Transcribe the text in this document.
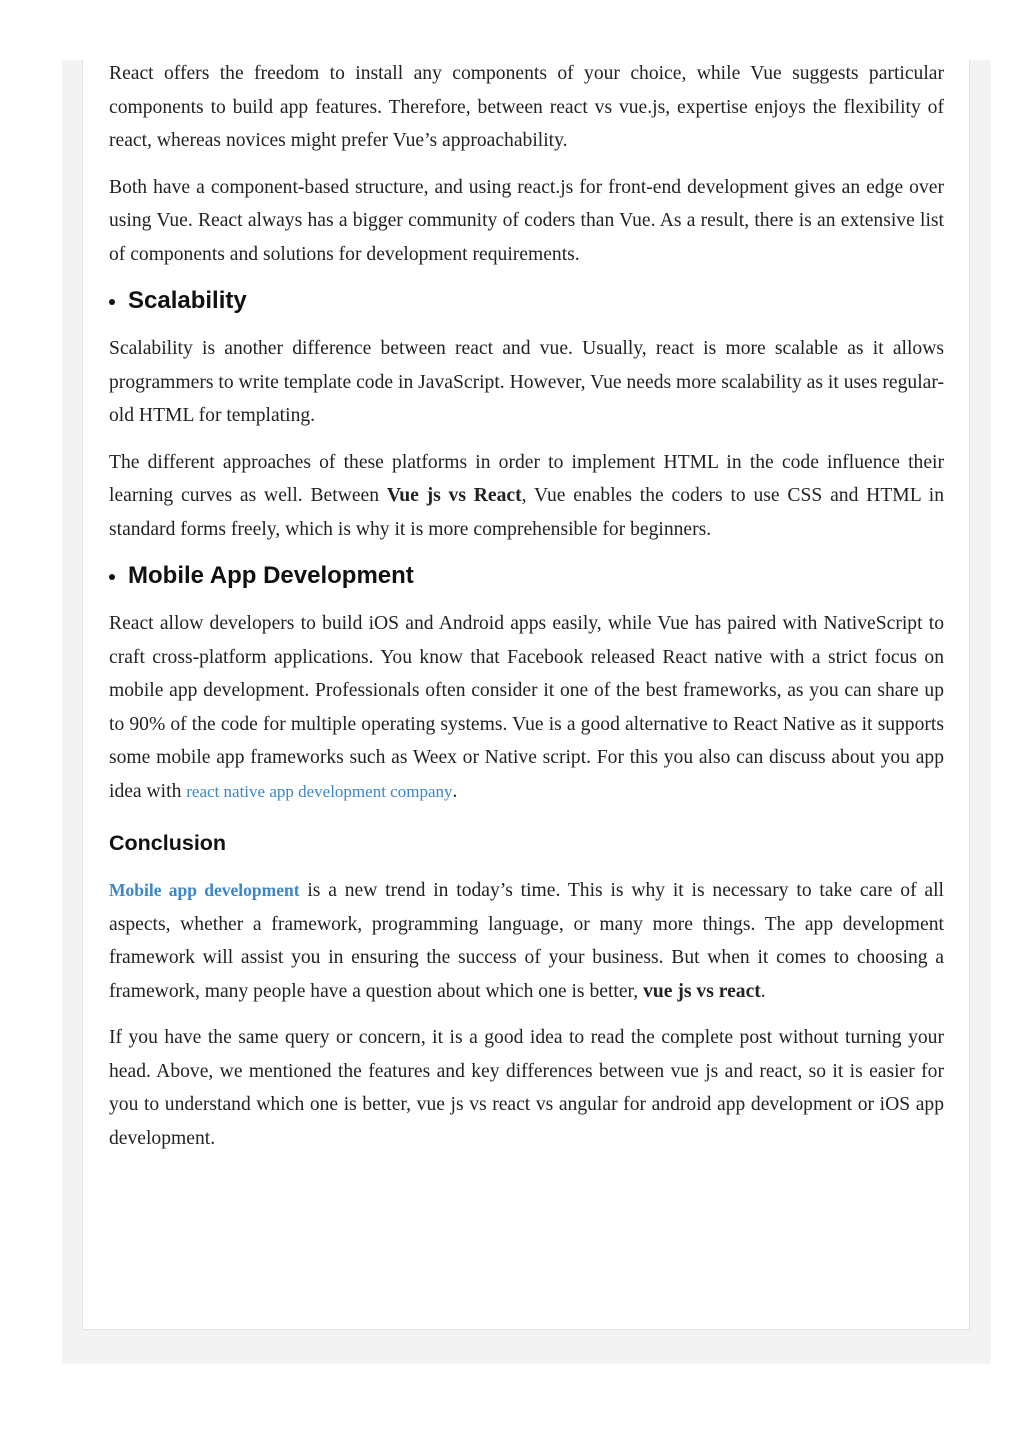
React offers the freedom to install any components of your choice, while Vue suggests particular components to build app features. Therefore, between react vs vue.js, expertise enjoys the flexibility of react, whereas novices might prefer Vue’s approachability.

Both have a component-based structure, and using react.js for front-end development gives an edge over using Vue. React always has a bigger community of coders than Vue. As a result, there is an extensive list of components and solutions for development requirements.

Scalability

Scalability is another difference between react and vue. Usually, react is more scalable as it allows programmers to write template code in JavaScript. However, Vue needs more scalability as it uses regular-old HTML for templating.

The different approaches of these platforms in order to implement HTML in the code influence their learning curves as well. Between Vue js vs React, Vue enables the coders to use CSS and HTML in standard forms freely, which is why it is more comprehensible for beginners.

Mobile App Development

React allow developers to build iOS and Android apps easily, while Vue has paired with NativeScript to craft cross-platform applications. You know that Facebook released React native with a strict focus on mobile app development. Professionals often consider it one of the best frameworks, as you can share up to 90% of the code for multiple operating systems. Vue is a good alternative to React Native as it supports some mobile app frameworks such as Weex or Native script. For this you also can discuss about you app idea with react native app development company.

Conclusion

Mobile app development is a new trend in today’s time. This is why it is necessary to take care of all aspects, whether a framework, programming language, or many more things. The app development framework will assist you in ensuring the success of your business. But when it comes to choosing a framework, many people have a question about which one is better, vue js vs react.

If you have the same query or concern, it is a good idea to read the complete post without turning your head. Above, we mentioned the features and key differences between vue js and react, so it is easier for you to understand which one is better, vue js vs react vs angular for android app development or iOS app development.
